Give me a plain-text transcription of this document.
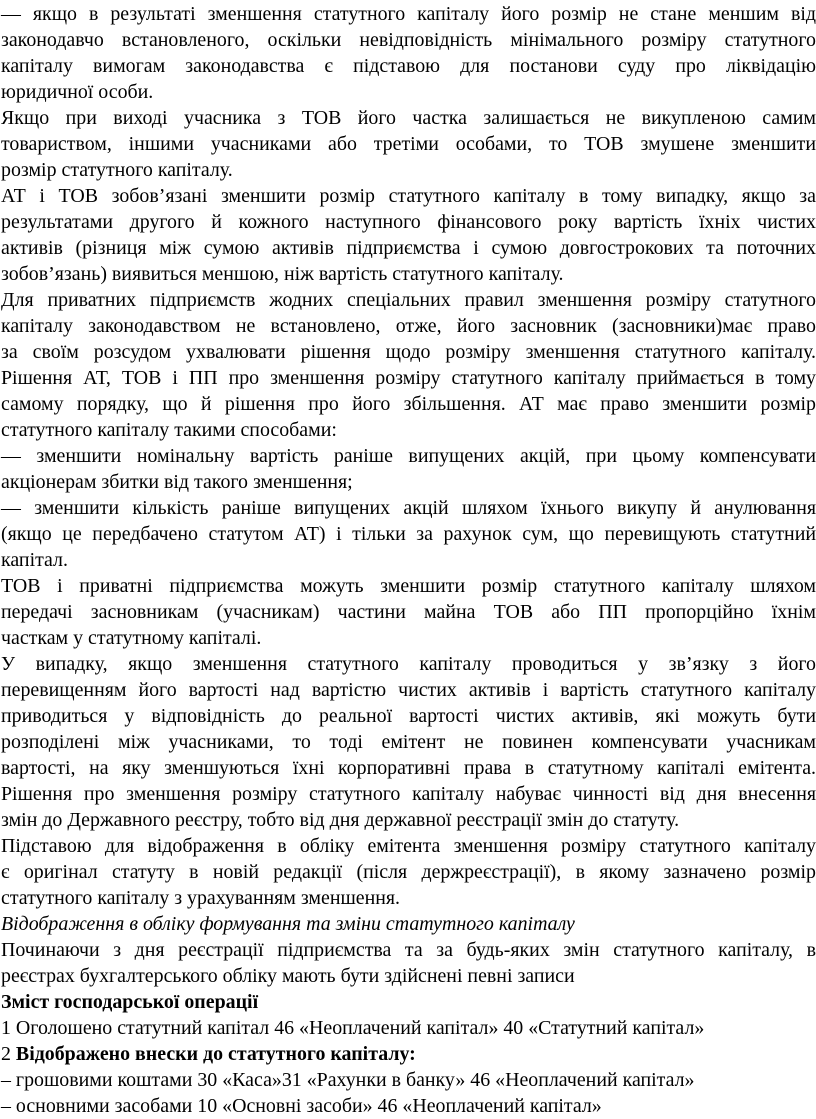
— якщо в результаті зменшення статутного капіталу його розмір не стане меншим від
законодавчо встановленого, оскільки невідповідність мінімального розміру статутного
капіталу вимогам законодавства є підставою для постанови суду про ліквідацію
юридичної особи.
Якщо при виході учасника з ТОВ його частка залишається не викупленою самим
товариством, іншими учасниками або третіми особами, то ТОВ змушене зменшити
розмір статутного капіталу.
АТ і ТОВ зобов’язані зменшити розмір статутного капіталу в тому випадку, якщо за
результатами другого й кожного наступного фінансового року вартість їхніх чистих
активів (різниця між сумою активів підприємства і сумою довгострокових та поточних
зобов’язань) виявиться меншою, ніж вартість статутного капіталу.
Для приватних підприємств жодних спеціальних правил зменшення розміру статутного
капіталу законодавством не встановлено, отже, його засновник (засновники)має право
за своїм розсудом ухвалювати рішення щодо розміру зменшення статутного капіталу.
Рішення АТ, ТОВ і ПП про зменшення розміру статутного капіталу приймається в тому
самому порядку, що й рішення про його збільшення. АТ має право зменшити розмір
статутного капіталу такими способами:
— зменшити номінальну вартість раніше випущених акцій, при цьому компенсувати
акціонерам збитки від такого зменшення;
— зменшити кількість раніше випущених акцій шляхом їхнього викупу й анулювання
(якщо це передбачено статутом АТ) і тільки за рахунок сум, що перевищують статутний
капітал.
ТОВ і приватні підприємства можуть зменшити розмір статутного капіталу шляхом
передачі засновникам (учасникам) частини майна ТОВ або ПП пропорційно їхнім
часткам у статутному капіталі.
У випадку, якщо зменшення статутного капіталу проводиться у зв’язку з його
перевищенням його вартості над вартістю чистих активів і вартість статутного капіталу
приводиться у відповідність до реальної вартості чистих активів, які можуть бути
розподілені між учасниками, то тоді емітент не повинен компенсувати учасникам
вартості, на яку зменшуються їхні корпоративні права в статутному капіталі емітента.
Рішення про зменшення розміру статутного капіталу набуває чинності від дня внесення
змін до Державного реєстру, тобто від дня державної реєстрації змін до статуту.
Підставою для відображення в обліку емітента зменшення розміру статутного капіталу
є оригінал статуту в новій редакції (після держреєстрації), в якому зазначено розмір
статутного капіталу з урахуванням зменшення.
Відображення в обліку формування та зміни статутного капіталу
Починаючи з дня реєстрації підприємства та за будь-яких змін статутного капіталу, в
реєстрах бухгалтерського обліку мають бути здійснені певні записи
Зміст господарської операції
1 Оголошено статутний капітал 46 «Неоплачений капітал» 40 «Статутний капітал»
2 Відображено внески до статутного капіталу:
– грошовими коштами 30 «Каса»31 «Рахунки в банку» 46 «Неоплачений капітал»
– основними засобами 10 «Основні засоби» 46 «Неоплачений капітал»
